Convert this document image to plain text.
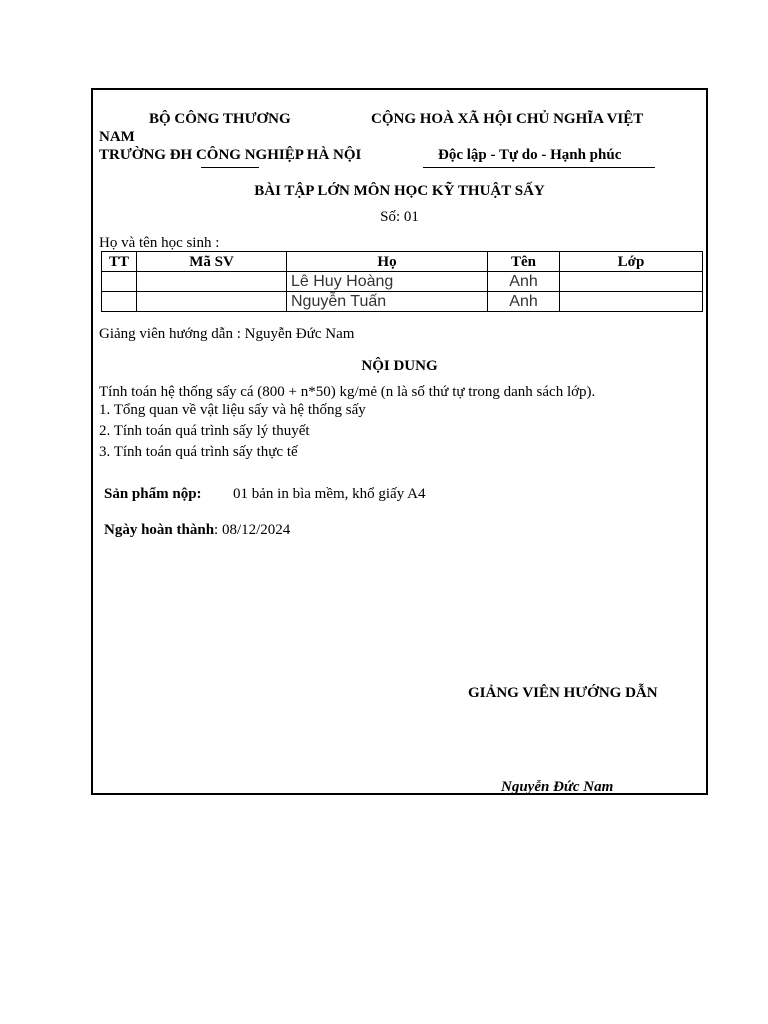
BỘ CÔNG THƯƠNG	CỘNG HOÀ XÃ HỘI CHỦ NGHĨA VIỆT
NAM
TRƯỜNG ĐH CÔNG NGHIỆP HÀ NỘI	Độc lập - Tự do - Hạnh phúc
BÀI TẬP LỚN MÔN HỌC KỸ THUẬT SẤY
Số: 01
Họ và tên học sinh :
TT	Mã SV	Họ	Tên	Lớp
		Lê Huy Hoàng	Anh	
		Nguyễn Tuấn	Anh	
Giảng viên hướng dẫn : Nguyễn Đức Nam
NỘI DUNG
Tính toán hệ thống sấy cá (800 + n*50) kg/mẻ (n là số thứ tự trong danh sách lớp).
1. Tổng quan về vật liệu sấy và hệ thống sấy
2. Tính toán quá trình sấy lý thuyết
3. Tính toán quá trình sấy thực tế
Sản phẩm nộp: 01 bản in bìa mềm, khổ giấy A4
Ngày hoàn thành: 08/12/2024
GIẢNG VIÊN HƯỚNG DẪN
Nguyễn Đức Nam
